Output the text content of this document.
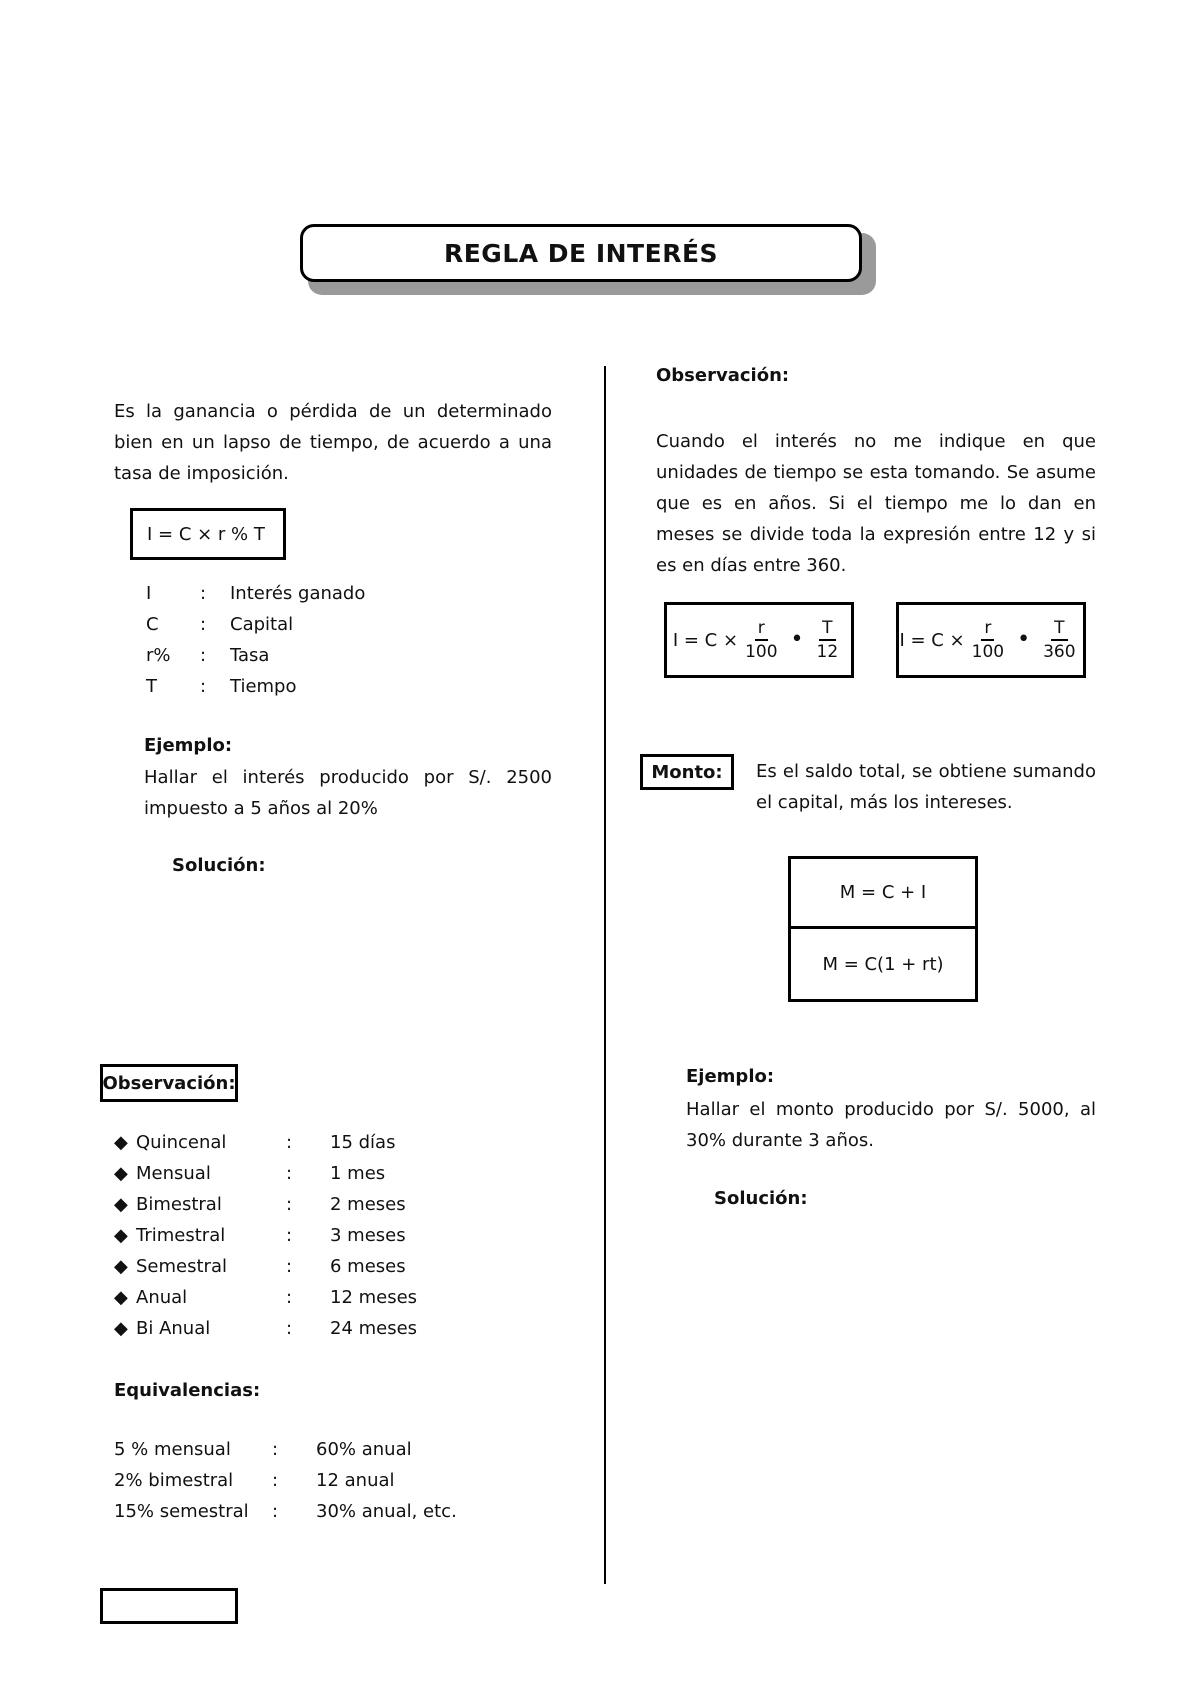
REGLA DE INTERÉS
Es la ganancia o pérdida de un determinado bien en un lapso de tiempo, de acuerdo a una tasa de imposición.
I = C × r % T
I	: Interés ganado
C : Capital
r% : Tasa
T : Tiempo
Ejemplo:
Hallar el interés producido por S/. 2500 impuesto a 5 años al 20%
Solución:
Observación:
◆ Quincenal	: 15 días
◆ Mensual	: 1 mes
◆ Bimestral	: 2 meses
◆ Trimestral	: 3 meses
◆ Semestral	: 6 meses
◆ Anual	: 12 meses
◆ Bi Anual	: 24 meses
Equivalencias:
5 % mensual : 60% anual
2% bimestral : 12 anual
15% semestral : 30% anual, etc.
Observación:
Cuando el interés no me indique en que unidades de tiempo se esta tomando. Se asume que es en años. Si el tiempo me lo dan en meses se divide toda la expresión entre 12 y si es en días entre 360.
$I = C \times \frac{r}{100}$ • $\frac{T}{12}$	$I = C \times \frac{r}{100}$ • $\frac{T}{360}$
Monto: Es el saldo total, se obtiene sumando el capital, más los intereses.
M = C + I
M = C(1 + rt)
Ejemplo:
Hallar el monto producido por S/. 5000, al 30% durante 3 años.
Solución:
